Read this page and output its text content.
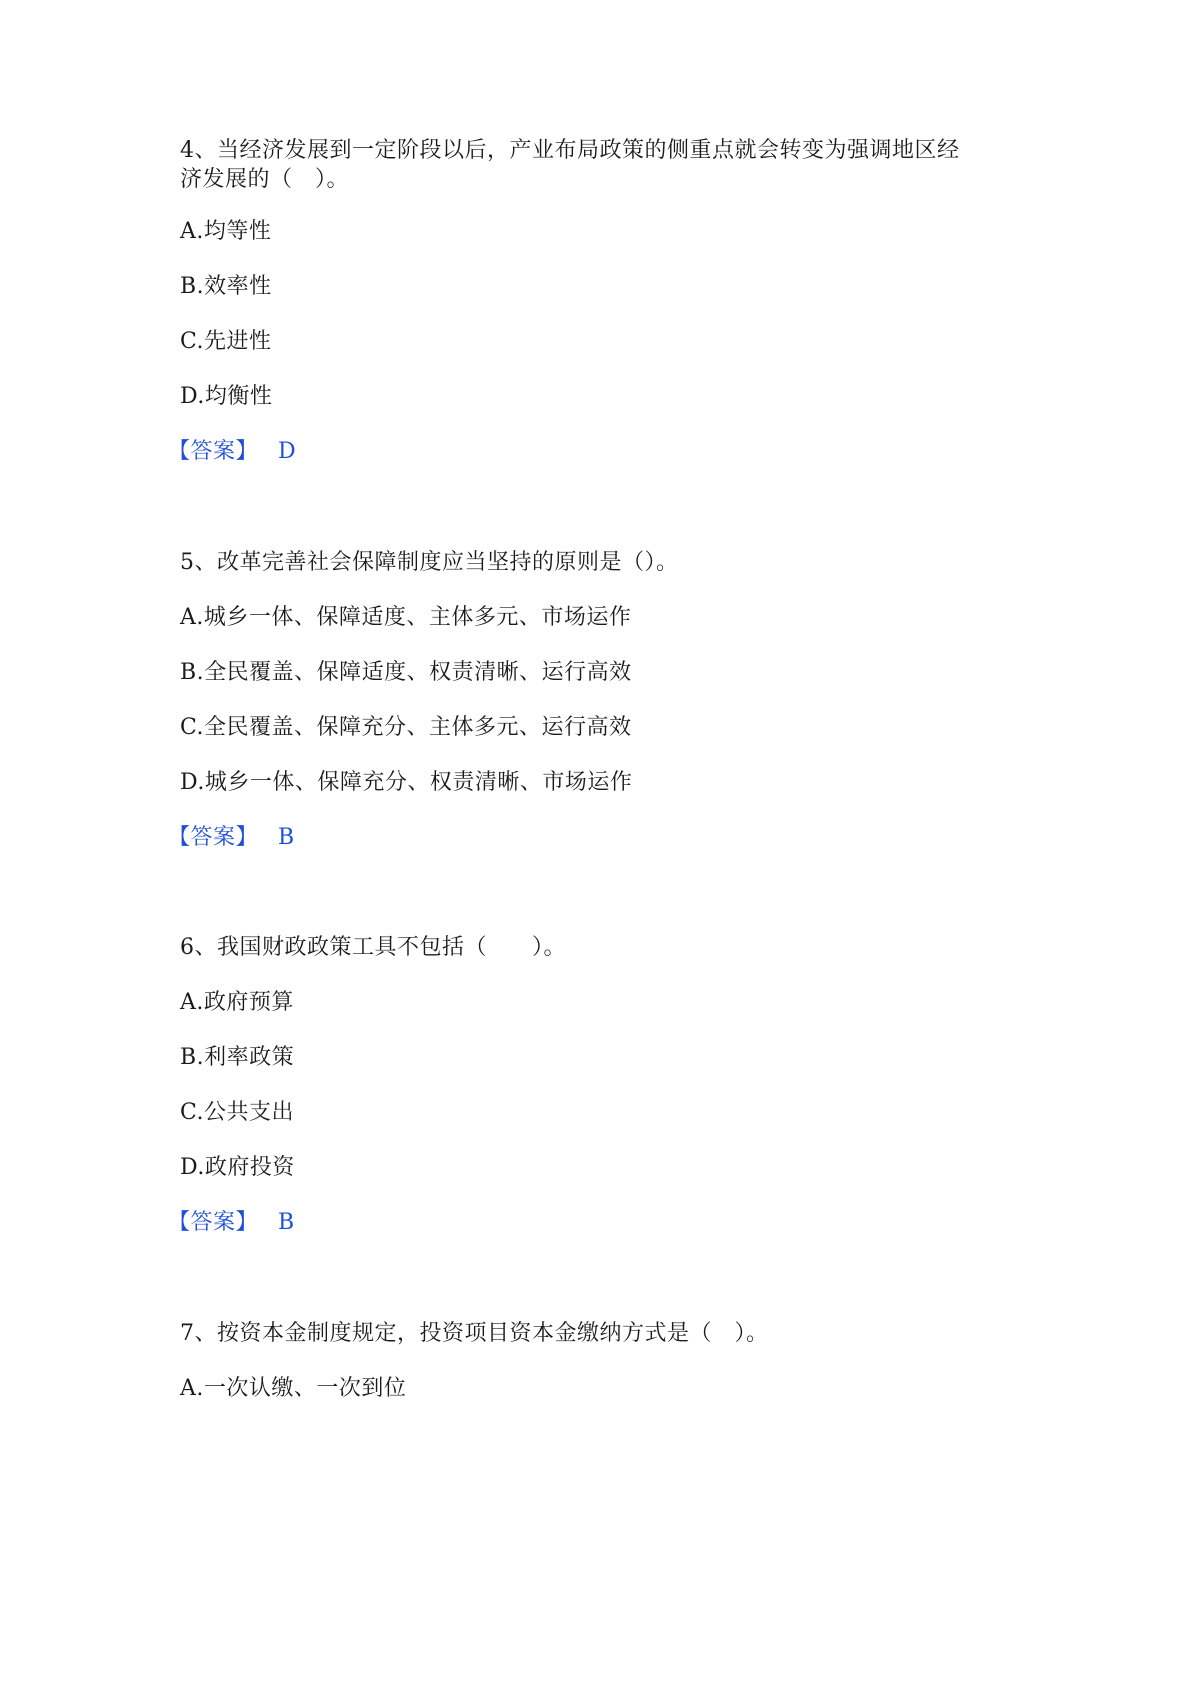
4、当经济发展到一定阶段以后，产业布局政策的侧重点就会转变为强调地区经
济发展的（　）。
A.均等性
B.效率性
C.先进性
D.均衡性
【答案】 D
5、改革完善社会保障制度应当坚持的原则是（）。
A.城乡一体、保障适度、主体多元、市场运作
B.全民覆盖、保障适度、权责清晰、运行高效
C.全民覆盖、保障充分、主体多元、运行高效
D.城乡一体、保障充分、权责清晰、市场运作
【答案】 B
6、我国财政政策工具不包括（　　）。
A.政府预算
B.利率政策
C.公共支出
D.政府投资
【答案】 B
7、按资本金制度规定，投资项目资本金缴纳方式是（　）。
A.一次认缴、一次到位
